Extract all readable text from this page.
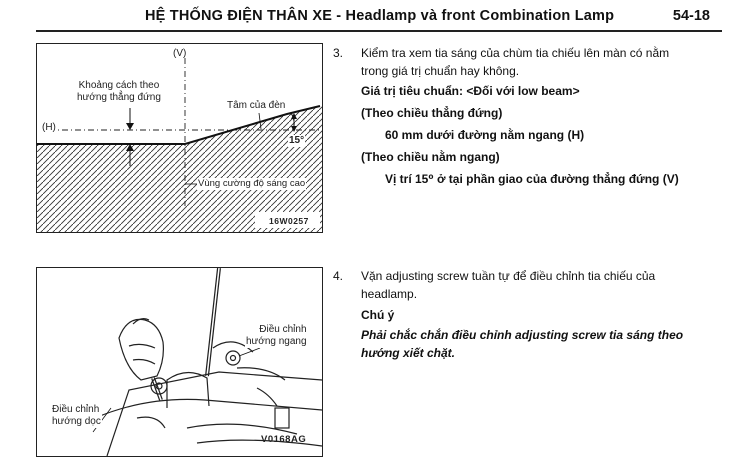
HỆ THỐNG ĐIỆN THÂN XE - Headlamp và front Combination Lamp	54-18
(V)
(H)
Khoảng cách theo
hướng thẳng đứng
Tâm của đèn
15°
Vùng cường độ sáng cao
16W0257
Điều chỉnh
hướng ngang
Điều chỉnh
hướng dọc
V0168AG
3. Kiểm tra xem tia sáng của chùm tia chiếu lên màn có nằm

trong giá trị chuẩn hay không.

Giá trị tiêu chuẩn: <Đối với low beam>

(Theo chiều thẳng đứng)

60 mm dưới đường nằm ngang (H)

(Theo chiều nằm ngang)

Vị trí 15⁰ ở tại phần giao của đường thẳng đứng (V)

4. Vặn adjusting screw tuần tự để điều chỉnh tia chiếu của

headlamp.

Chú ý

Phải chắc chắn điều chỉnh adjusting screw tia sáng theo

hướng xiết chặt.
